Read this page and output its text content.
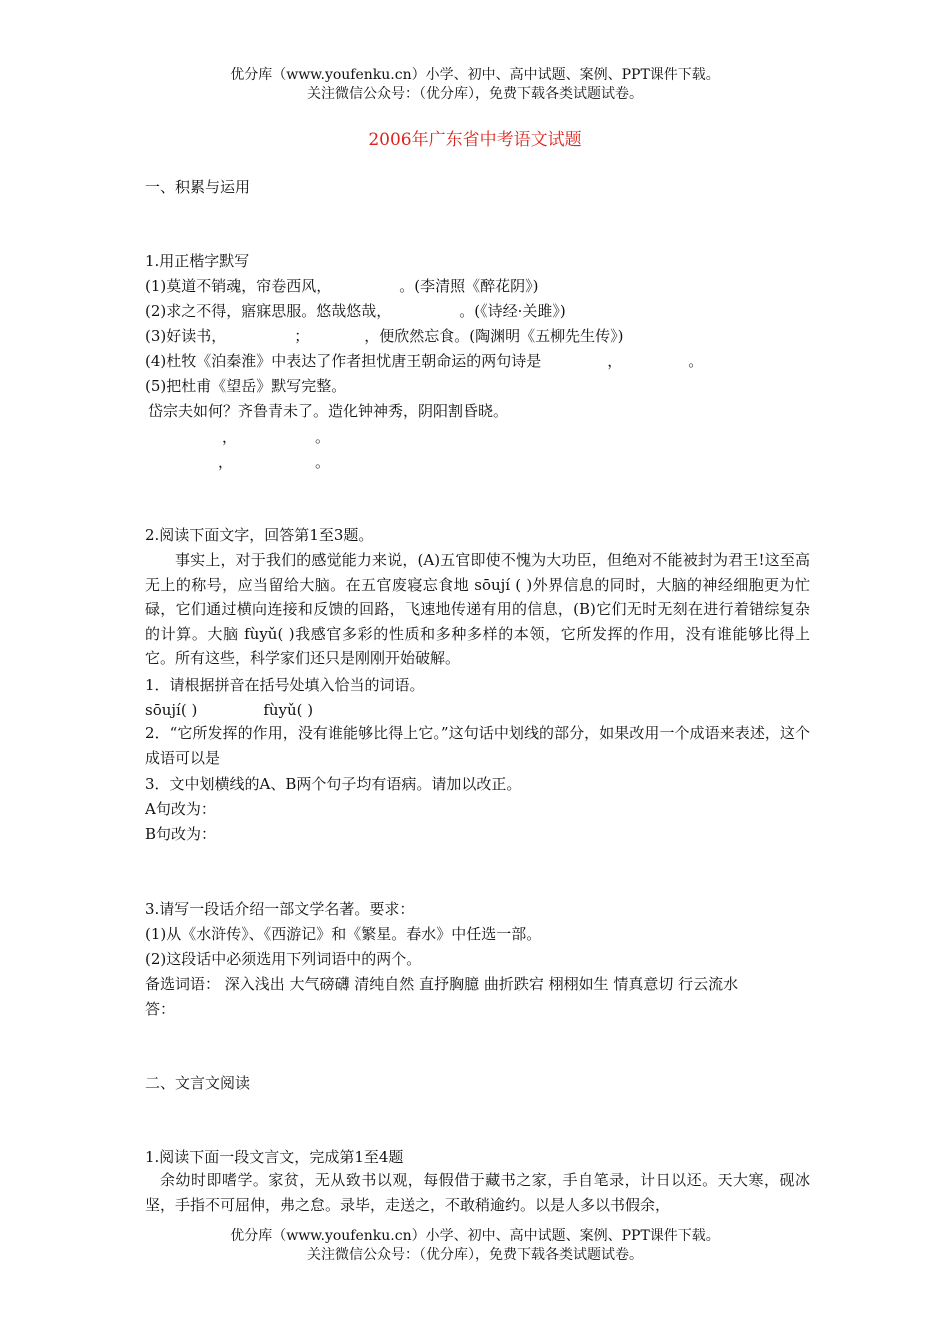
优分库（www.youfenku.cn）小学、初中、高中试题、案例、PPT课件下载。
关注微信公众号：（优分库），免费下载各类试题试卷。
2006年广东省中考语文试题
一、积累与运用
1.用正楷字默写
(1)莫道不销魂，帘卷西风，	。(李清照《醉花阴》)
(2)求之不得，寤寐思服。悠哉悠哉，	。(《诗经·关雎》)
(3)好读书，	；	，便欣然忘食。(陶渊明《五柳先生传》)
(4)杜牧《泊秦淮》中表达了作者担忧唐王朝命运的两句诗是	，	。
(5)把杜甫《望岳》默写完整。
岱宗夫如何？齐鲁青未了。造化钟神秀，阴阳割昏晓。
，	。
，	。
2.阅读下面文字，回答第1至3题。

事实上，对于我们的感觉能力来说，(A)五官即使不愧为大功臣，但绝对不能被封为君王!这至高无上的称号，应当留给大脑。在五官废寝忘食地 sōují ( )外界信息的同时，大脑的神经细胞更为忙碌，它们通过横向连接和反馈的回路，飞速地传递有用的信息，(B)它们无时无刻在进行着错综复杂的计算。大脑 fùyǔ( )我感官多彩的性质和多种多样的本领，它所发挥的作用，没有谁能够比得上它。所有这些，科学家们还只是刚刚开始破解。

1．请根据拼音在括号处填入恰当的词语。
sōují( )	fùyǔ( )

2．“它所发挥的作用，没有谁能够比得上它。”这句话中划线的部分，如果改用一个成语来表述，这个成语可以是

3．文中划横线的A、B两个句子均有语病。请加以改正。
A句改为：
B句改为：
3.请写一段话介绍一部文学名著。要求：
(1)从《水浒传》、《西游记》和《繁星。春水》中任选一部。
(2)这段话中必须选用下列词语中的两个。
备选词语： 深入浅出 大气磅礴 清纯自然 直抒胸臆 曲折跌宕 栩栩如生 情真意切 行云流水
答：
二、文言文阅读
1.阅读下面一段文言文，完成第1至4题

余幼时即嗜学。家贫，无从致书以观，每假借于藏书之家，手自笔录，计日以还。天大寒，砚冰坚，手指不可屈伸，弗之怠。录毕，走送之，不敢稍逾约。以是人多以书假余，

优分库（www.youfenku.cn）小学、初中、高中试题、案例、PPT课件下载。
关注微信公众号：（优分库），免费下载各类试题试卷。
